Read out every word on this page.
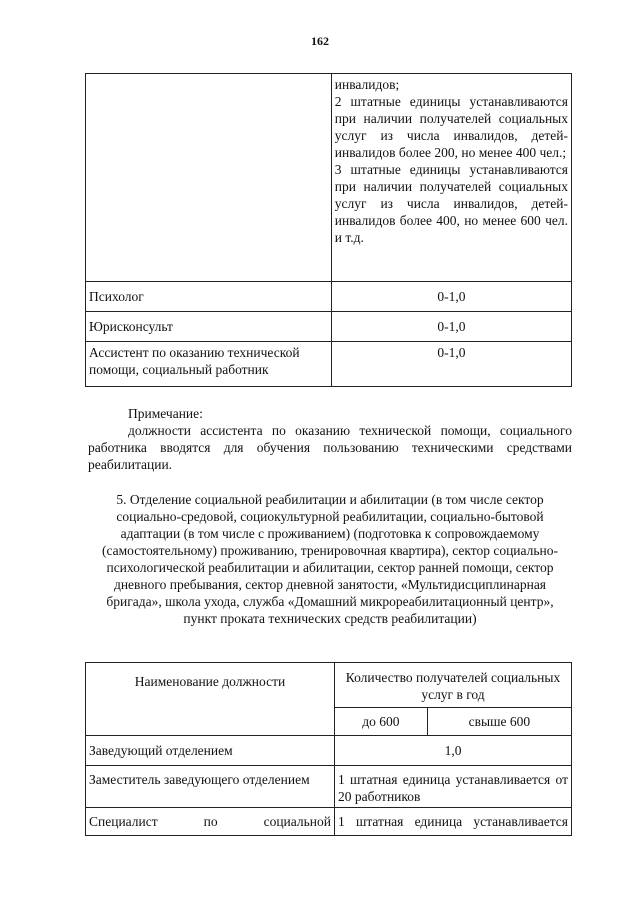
162

	инвалидов;
2 штатные единицы устанавливаются при наличии получателей социальных услуг из числа инвалидов, детей-инвалидов более 200, но менее 400 чел.;
3 штатные единицы устанавливаются при наличии получателей социальных услуг из числа инвалидов, детей-инвалидов более 400, но менее 600 чел. и т.д.

Психолог	0-1,0
Юрисконсульт	0-1,0
Ассистент по оказанию технической помощи, социальный работник	0-1,0

Примечание:

должности ассистента по оказанию технической помощи, социального работника вводятся для обучения пользованию техническими средствами реабилитации.

5. Отделение социальной реабилитации и абилитации (в том числе сектор социально-средовой, социокультурной реабилитации, социально-бытовой адаптации (в том числе с проживанием) (подготовка к сопровождаемому (самостоятельному) проживанию, тренировочная квартира), сектор социально-психологической реабилитации и абилитации, сектор ранней помощи, сектор дневного пребывания, сектор дневной занятости, «Мультидисциплинарная бригада», школа ухода, служба «Домашний микрореабилитационный центр», пункт проката технических средств реабилитации)
Наименование должности	Количество получателей социальных услуг в год	
	до 600	свыше 600
Заведующий отделением	1,0	
Заместитель заведующего отделением	1 штатная единица устанавливается от 20 работников	
Специалист по социальной	1 штатная единица устанавливается	
